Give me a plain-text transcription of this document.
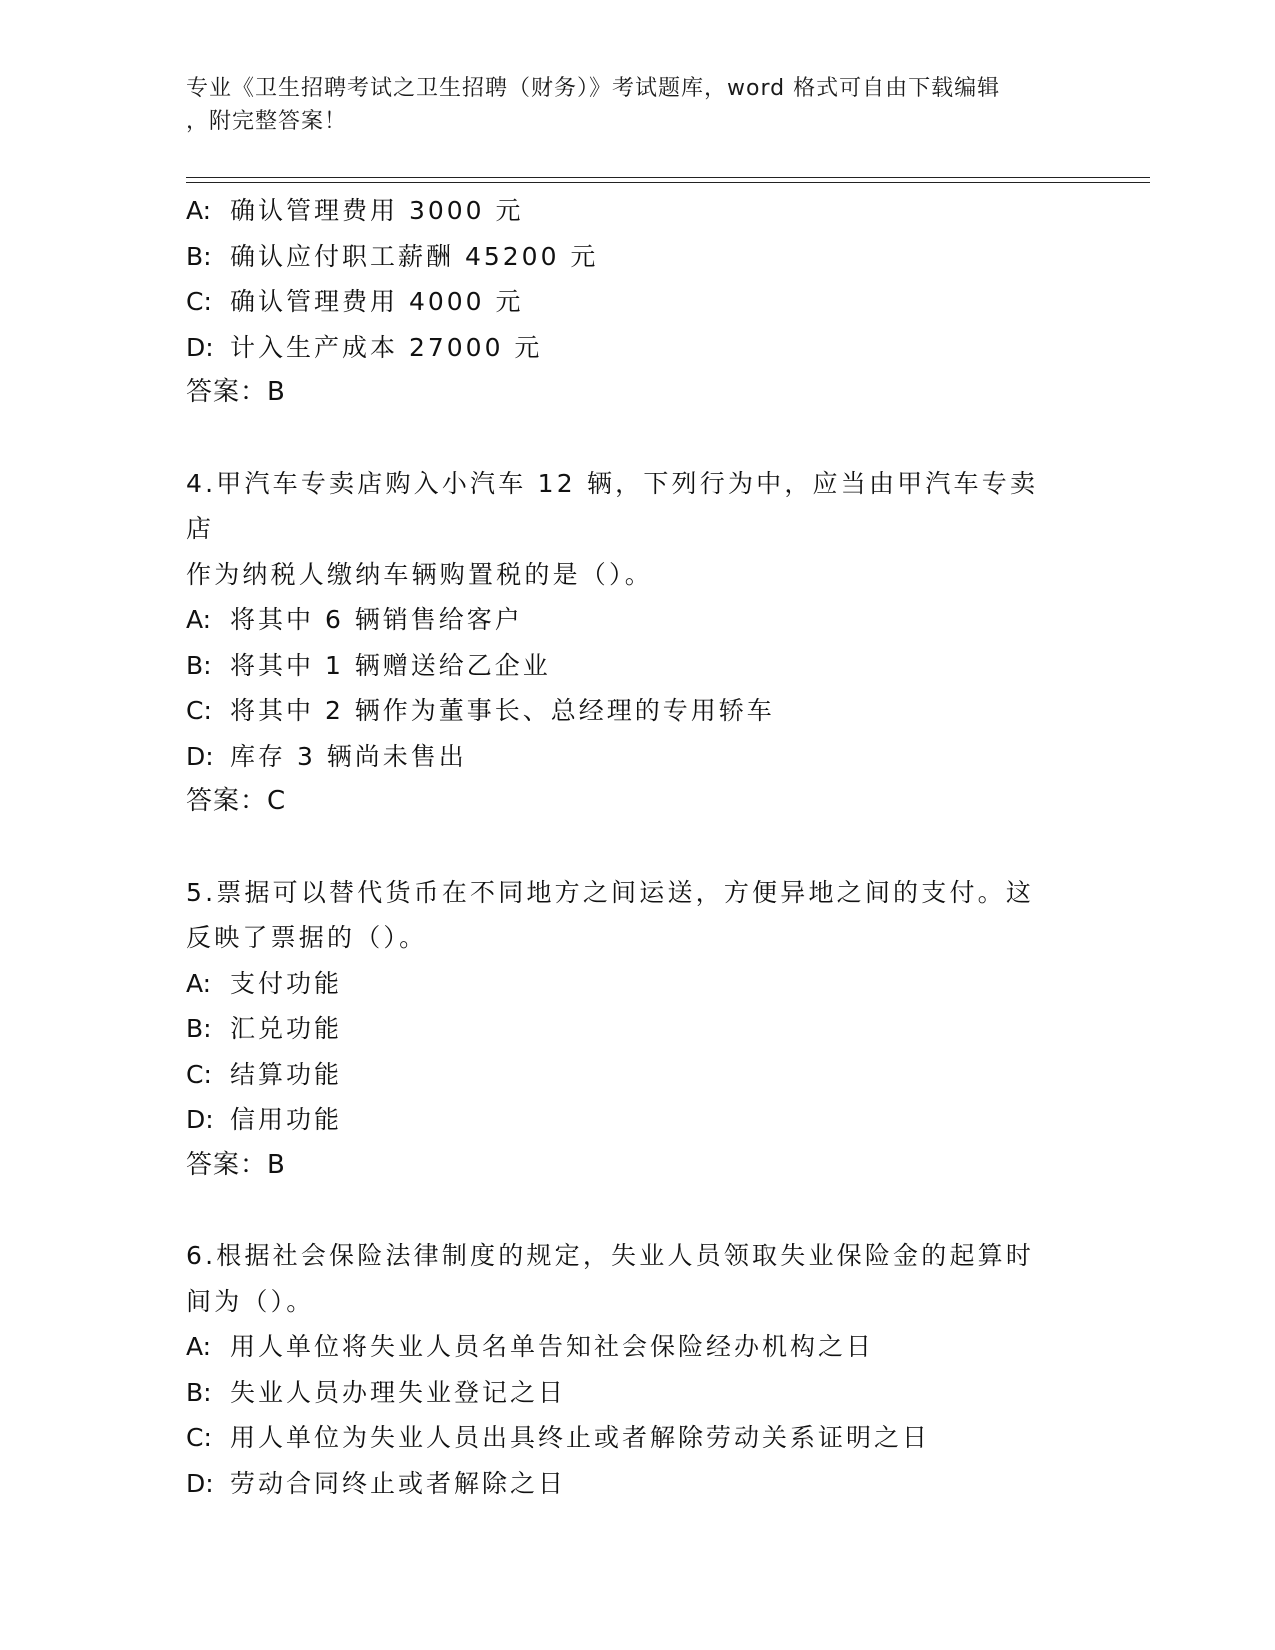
专业《卫生招聘考试之卫生招聘（财务）》考试题库，word 格式可自由下载编辑
，附完整答案！
A: 确认管理费用 3000 元
B: 确认应付职工薪酬 45200 元
C: 确认管理费用 4000 元
D: 计入生产成本 27000 元
答案：B
4.甲汽车专卖店购入小汽车 12 辆，下列行为中，应当由甲汽车专卖店
作为纳税人缴纳车辆购置税的是（）。
A: 将其中 6 辆销售给客户
B: 将其中 1 辆赠送给乙企业
C: 将其中 2 辆作为董事长、总经理的专用轿车
D: 库存 3 辆尚未售出
答案：C
5.票据可以替代货币在不同地方之间运送，方便异地之间的支付。这
反映了票据的（）。
A: 支付功能
B: 汇兑功能
C: 结算功能
D: 信用功能
答案：B
6.根据社会保险法律制度的规定，失业人员领取失业保险金的起算时
间为（）。
A: 用人单位将失业人员名单告知社会保险经办机构之日
B: 失业人员办理失业登记之日
C: 用人单位为失业人员出具终止或者解除劳动关系证明之日
D: 劳动合同终止或者解除之日
